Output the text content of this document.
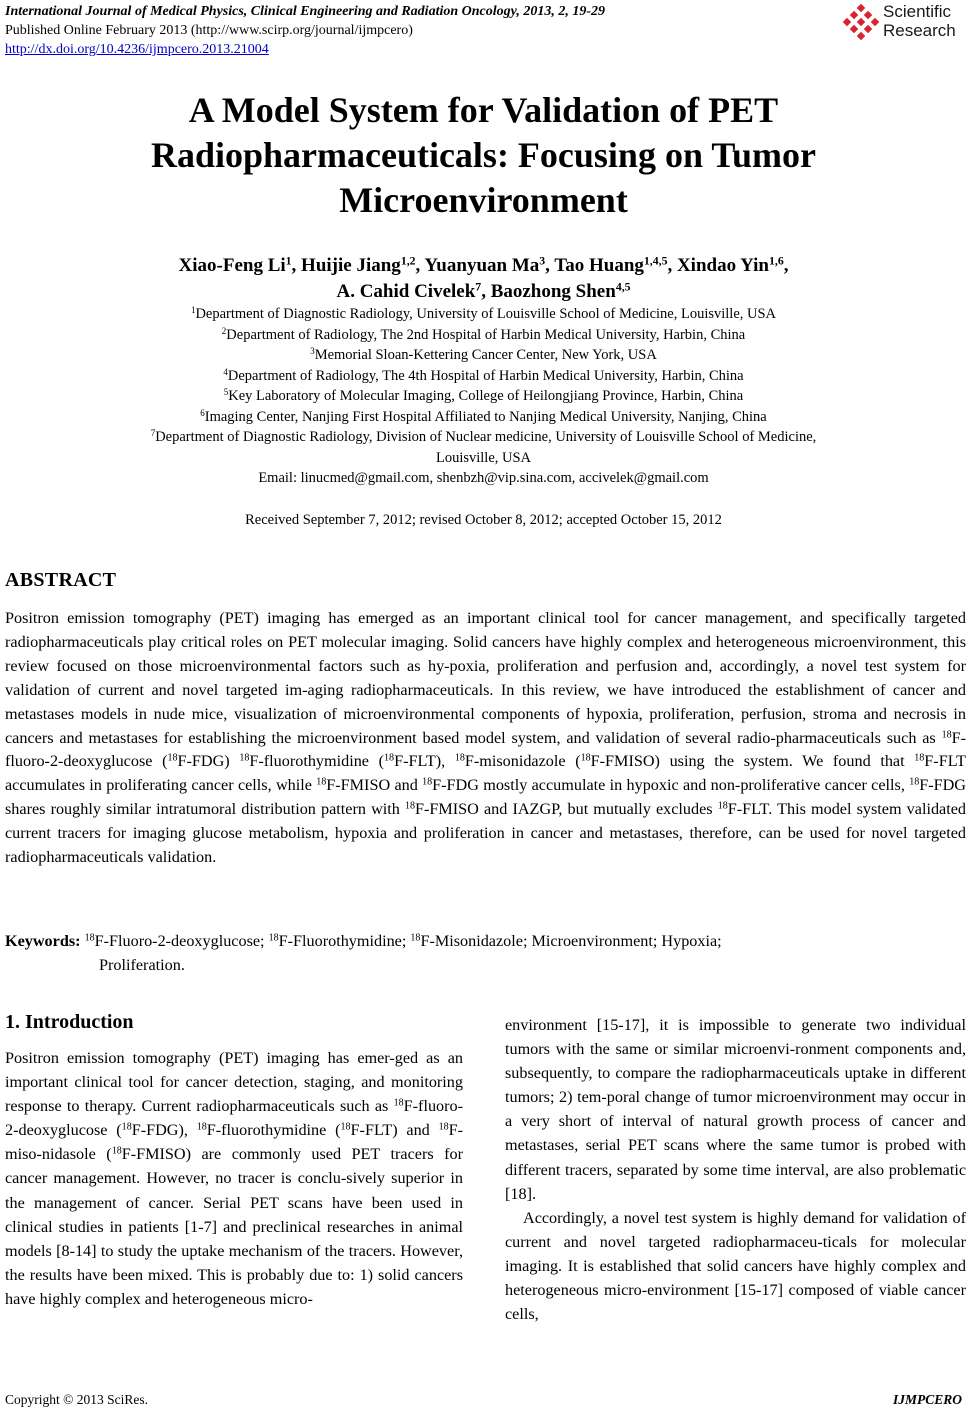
International Journal of Medical Physics, Clinical Engineering and Radiation Oncology, 2013, 2, 19-29
Published Online February 2013 (http://www.scirp.org/journal/ijmpcero)
http://dx.doi.org/10.4236/ijmpcero.2013.21004
Scientific
Research
A Model System for Validation of PET
Radiopharmaceuticals: Focusing on Tumor
Microenvironment
Xiao-Feng Li$^1$, Huijie Jiang$^{1,2}$, Yuanyuan Ma$^3$, Tao Huang$^{1,4,5}$, Xindao Yin$^{1,6}$,
A. Cahid Civelek$^7$, Baozhong Shen$^{4,5}$
$^1$Department of Diagnostic Radiology, University of Louisville School of Medicine, Louisville, USA
$^2$Department of Radiology, The 2nd Hospital of Harbin Medical University, Harbin, China
$^3$Memorial Sloan-Kettering Cancer Center, New York, USA
$^4$Department of Radiology, The 4th Hospital of Harbin Medical University, Harbin, China
$^5$Key Laboratory of Molecular Imaging, College of Heilongjiang Province, Harbin, China
$^6$Imaging Center, Nanjing First Hospital Affiliated to Nanjing Medical University, Nanjing, China
$^7$Department of Diagnostic Radiology, Division of Nuclear medicine, University of Louisville School of Medicine,
Louisville, USA
Email: linucmed@gmail.com, shenbzh@vip.sina.com, accivelek@gmail.com
Received September 7, 2012; revised October 8, 2012; accepted October 15, 2012
ABSTRACT

Positron emission tomography (PET) imaging has emerged as an important clinical tool for cancer management, and specifically targeted radiopharmaceuticals play critical roles on PET molecular imaging. Solid cancers have highly complex and heterogeneous microenvironment, this review focused on those microenvironmental factors such as hy-poxia, proliferation and perfusion and, accordingly, a novel test system for validation of current and novel targeted im-aging radiopharmaceuticals. In this review, we have introduced the establishment of cancer and metastases models in nude mice, visualization of microenvironmental components of hypoxia, proliferation, perfusion, stroma and necrosis in cancers and metastases for establishing the microenvironment based model system, and validation of several radio-pharmaceuticals such as $^{18}$F-fluoro-2-deoxyglucose ($^{18}$F-FDG) $^{18}$F-fluorothymidine ($^{18}$F-FLT), $^{18}$F-misonidazole ($^{18}$F-FMISO) using the system. We found that $^{18}$F-FLT accumulates in proliferating cancer cells, while $^{18}$F-FMISO and $^{18}$F-FDG mostly accumulate in hypoxic and non-proliferative cancer cells, $^{18}$F-FDG shares roughly similar intratumoral distribution pattern with $^{18}$F-FMISO and IAZGP, but mutually excludes $^{18}$F-FLT. This model system validated current tracers for imaging glucose metabolism, hypoxia and proliferation in cancer and metastases, therefore, can be used for novel targeted radiopharmaceuticals validation.

Keywords: $^{18}$F-Fluoro-2-deoxyglucose; $^{18}$F-Fluorothymidine; $^{18}$F-Misonidazole; Microenvironment; Hypoxia;
Proliferation.
1. Introduction

Positron emission tomography (PET) imaging has emer-ged as an important clinical tool for cancer detection, staging, and monitoring response to therapy. Current radiopharmaceuticals such as $^{18}$F-fluoro-2-deoxyglucose ($^{18}$F-FDG), $^{18}$F-fluorothymidine ($^{18}$F-FLT) and $^{18}$F-miso-nidasole ($^{18}$F-FMISO) are commonly used PET tracers for cancer management. However, no tracer is conclu-sively superior in the management of cancer. Serial PET scans have been used in clinical studies in patients [1-7] and preclinical researches in animal models [8-14] to study the uptake mechanism of the tracers. However, the results have been mixed. This is probably due to: 1) solid cancers have highly complex and heterogeneous micro-

environment [15-17], it is impossible to generate two individual tumors with the same or similar microenvi-ronment components and, subsequently, to compare the radiopharmaceuticals uptake in different tumors; 2) tem-poral change of tumor microenvironment may occur in a very short of interval of natural growth process of cancer and metastases, serial PET scans where the same tumor is probed with different tracers, separated by some time interval, are also problematic [18].

Accordingly, a novel test system is highly demand for validation of current and novel targeted radiopharmaceu-ticals for molecular imaging. It is established that solid cancers have highly complex and heterogeneous micro-environment [15-17] composed of viable cancer cells,

Copyright © 2013 SciRes.	IJMPCERO
